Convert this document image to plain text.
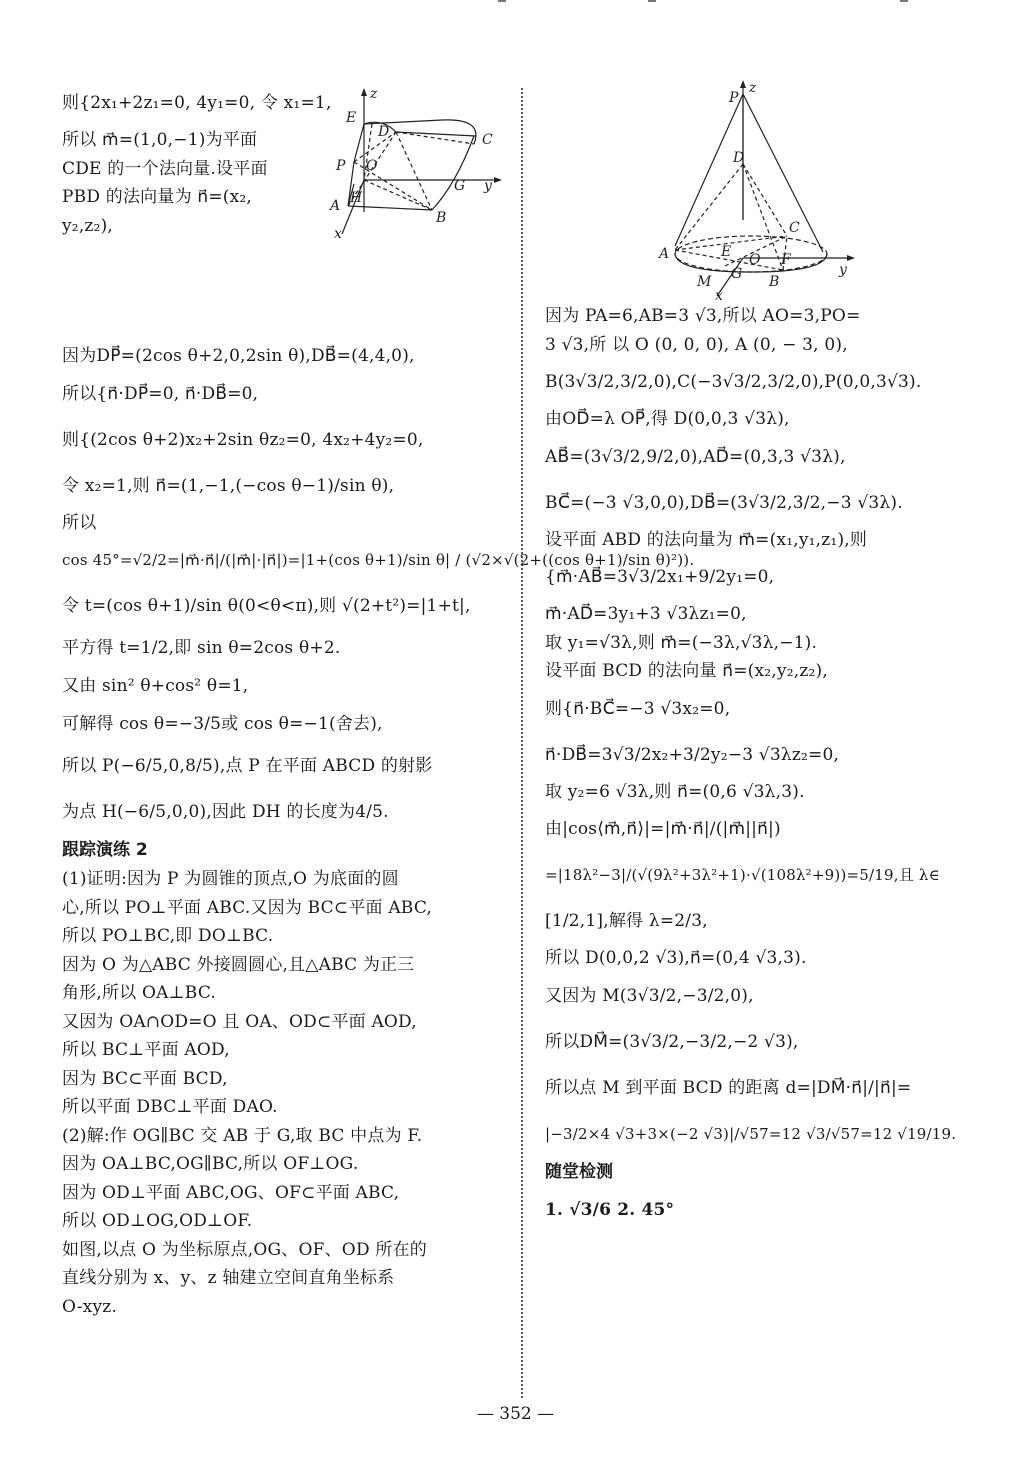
则{2x₁+2z₁=0, 4y₁=0, 令 x₁=1,
所以 m⃗=(1,0,−1)为平面
CDE 的一个法向量.设平面
PBD 的法向量为 n⃗=(x₂,
y₂,z₂),
z
E
D	C
P O
G y
A H
B
x
因为DP⃗=(2cos θ+2,0,2sin θ),DB⃗=(4,4,0),
所以{n⃗·DP⃗=0, n⃗·DB⃗=0,
则{(2cos θ+2)x₂+2sin θz₂=0, 4x₂+4y₂=0,
令 x₂=1,则 n⃗=(1,−1,(−cos θ−1)/sin θ),
所以
cos 45°=√2/2=|m⃗·n⃗|/(|m⃗|·|n⃗|)=|1+(cos θ+1)/sin θ| / (√2×√(2+((cos θ+1)/sin θ)²)).
令 t=(cos θ+1)/sin θ(0<θ<π),则 √(2+t²)=|1+t|,
平方得 t=1/2,即 sin θ=2cos θ+2.
又由 sin² θ+cos² θ=1,
可解得 cos θ=−3/5或 cos θ=−1(舍去),
所以 P(−6/5,0,8/5),点 P 在平面 ABCD 的射影
为点 H(−6/5,0,0),因此 DH 的长度为4/5.
跟踪演练 2
(1)证明:因为 P 为圆锥的顶点,O 为底面的圆
心,所以 PO⊥平面 ABC.又因为 BC⊂平面 ABC,
所以 PO⊥BC,即 DO⊥BC.
因为 O 为△ABC 外接圆圆心,且△ABC 为正三
角形,所以 OA⊥BC.
又因为 OA∩OD=O 且 OA、OD⊂平面 AOD,
所以 BC⊥平面 AOD,
因为 BC⊂平面 BCD,
所以平面 DBC⊥平面 DAO.
(2)解:作 OG∥BC 交 AB 于 G,取 BC 中点为 F.
因为 OA⊥BC,OG∥BC,所以 OF⊥OG.
因为 OD⊥平面 ABC,OG、OF⊂平面 ABC,
所以 OD⊥OG,OD⊥OF.
如图,以点 O 为坐标原点,OG、OF、OD 所在的
直线分别为 x、y、z 轴建立空间直角坐标系
O-xyz.
z
P
D
C
A	E O F
y
G
M	B
x
因为 PA=6,AB=3 √3,所以 AO=3,PO=
3 √3,所 以 O (0, 0, 0), A (0, − 3, 0),
B(3√3/2,3/2,0),C(−3√3/2,3/2,0),P(0,0,3√3).
由OD⃗=λ OP⃗,得 D(0,0,3 √3λ),
AB⃗=(3√3/2,9/2,0),AD⃗=(0,3,3 √3λ),
BC⃗=(−3 √3,0,0),DB⃗=(3√3/2,3/2,−3 √3λ).
设平面 ABD 的法向量为 m⃗=(x₁,y₁,z₁),则
{m⃗·AB⃗=3√3/2x₁+9/2y₁=0,
m⃗·AD⃗=3y₁+3 √3λz₁=0,
取 y₁=√3λ,则 m⃗=(−3λ,√3λ,−1).
设平面 BCD 的法向量 n⃗=(x₂,y₂,z₂),
则{n⃗·BC⃗=−3 √3x₂=0,
n⃗·DB⃗=3√3/2x₂+3/2y₂−3 √3λz₂=0,
取 y₂=6 √3λ,则 n⃗=(0,6 √3λ,3).
由|cos⟨m⃗,n⃗⟩|=|m⃗·n⃗|/(|m⃗||n⃗|)
=|18λ²−3|/(√(9λ²+3λ²+1)·√(108λ²+9))=5/19,且 λ∈
[1/2,1],解得 λ=2/3,
所以 D(0,0,2 √3),n⃗=(0,4 √3,3).
又因为 M(3√3/2,−3/2,0),
所以DM⃗=(3√3/2,−3/2,−2 √3),
所以点 M 到平面 BCD 的距离 d=|DM⃗·n⃗|/|n⃗|=
|−3/2×4 √3+3×(−2 √3)|/√57=12 √3/√57=12 √19/19.
随堂检测
1. √3/6 2. 45°
— 352 —
